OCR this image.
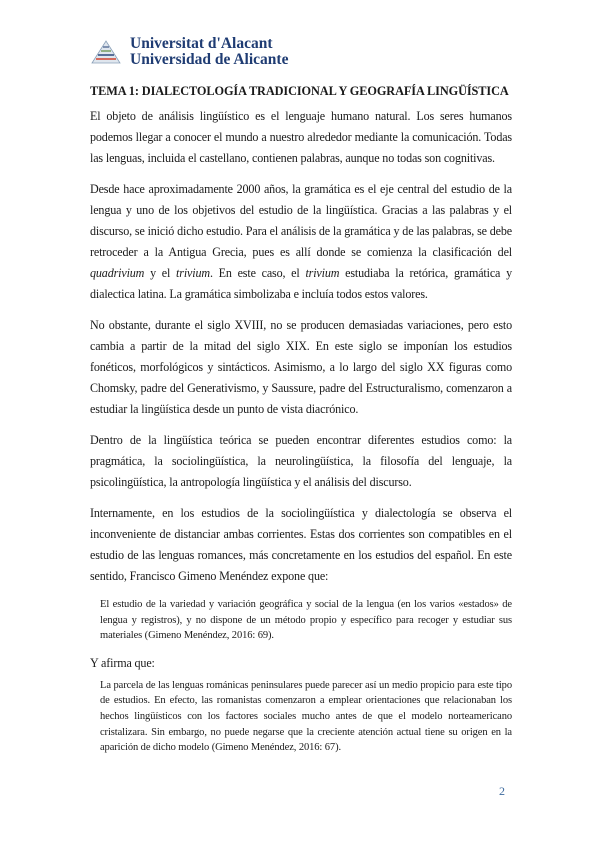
Universitat d'Alacant
Universidad de Alicante
TEMA 1: DIALECTOLOGÍA TRADICIONAL Y GEOGRAFÍA LINGÜÍSTICA

El objeto de análisis lingüístico es el lenguaje humano natural. Los seres humanos podemos llegar a conocer el mundo a nuestro alrededor mediante la comunicación. Todas las lenguas, incluida el castellano, contienen palabras, aunque no todas son cognitivas.

Desde hace aproximadamente 2000 años, la gramática es el eje central del estudio de la lengua y uno de los objetivos del estudio de la lingüística. Gracias a las palabras y el discurso, se inició dicho estudio. Para el análisis de la gramática y de las palabras, se debe retroceder a la Antigua Grecia, pues es allí donde se comienza la clasificación del quadrivium y el trivium. En este caso, el trivium estudiaba la retórica, gramática y dialectica latina. La gramática simbolizaba e incluía todos estos valores.

No obstante, durante el siglo XVIII, no se producen demasiadas variaciones, pero esto cambia a partir de la mitad del siglo XIX. En este siglo se imponían los estudios fonéticos, morfológicos y sintácticos. Asimismo, a lo largo del siglo XX figuras como Chomsky, padre del Generativismo, y Saussure, padre del Estructuralismo, comenzaron a estudiar la lingüística desde un punto de vista diacrónico.

Dentro de la lingüística teórica se pueden encontrar diferentes estudios como: la pragmática, la sociolingüística, la neurolingüística, la filosofía del lenguaje, la psicolingüística, la antropología lingüística y el análisis del discurso.

Internamente, en los estudios de la sociolingüística y dialectología se observa el inconveniente de distanciar ambas corrientes. Estas dos corrientes son compatibles en el estudio de las lenguas romances, más concretamente en los estudios del español. En este sentido, Francisco Gimeno Menéndez expone que:

El estudio de la variedad y variación geográfica y social de la lengua (en los varios «estados» de lengua y registros), y no dispone de un método propio y específico para recoger y estudiar sus materiales (Gimeno Menéndez, 2016: 69).

Y afirma que:

La parcela de las lenguas románicas peninsulares puede parecer así un medio propicio para este tipo de estudios. En efecto, las romanistas comenzaron a emplear orientaciones que relacionaban los hechos lingüísticos con los factores sociales mucho antes de que el modelo norteamericano cristalizara. Sin embargo, no puede negarse que la creciente atención actual tiene su origen en la aparición de dicho modelo (Gimeno Menéndez, 2016: 67).
2
